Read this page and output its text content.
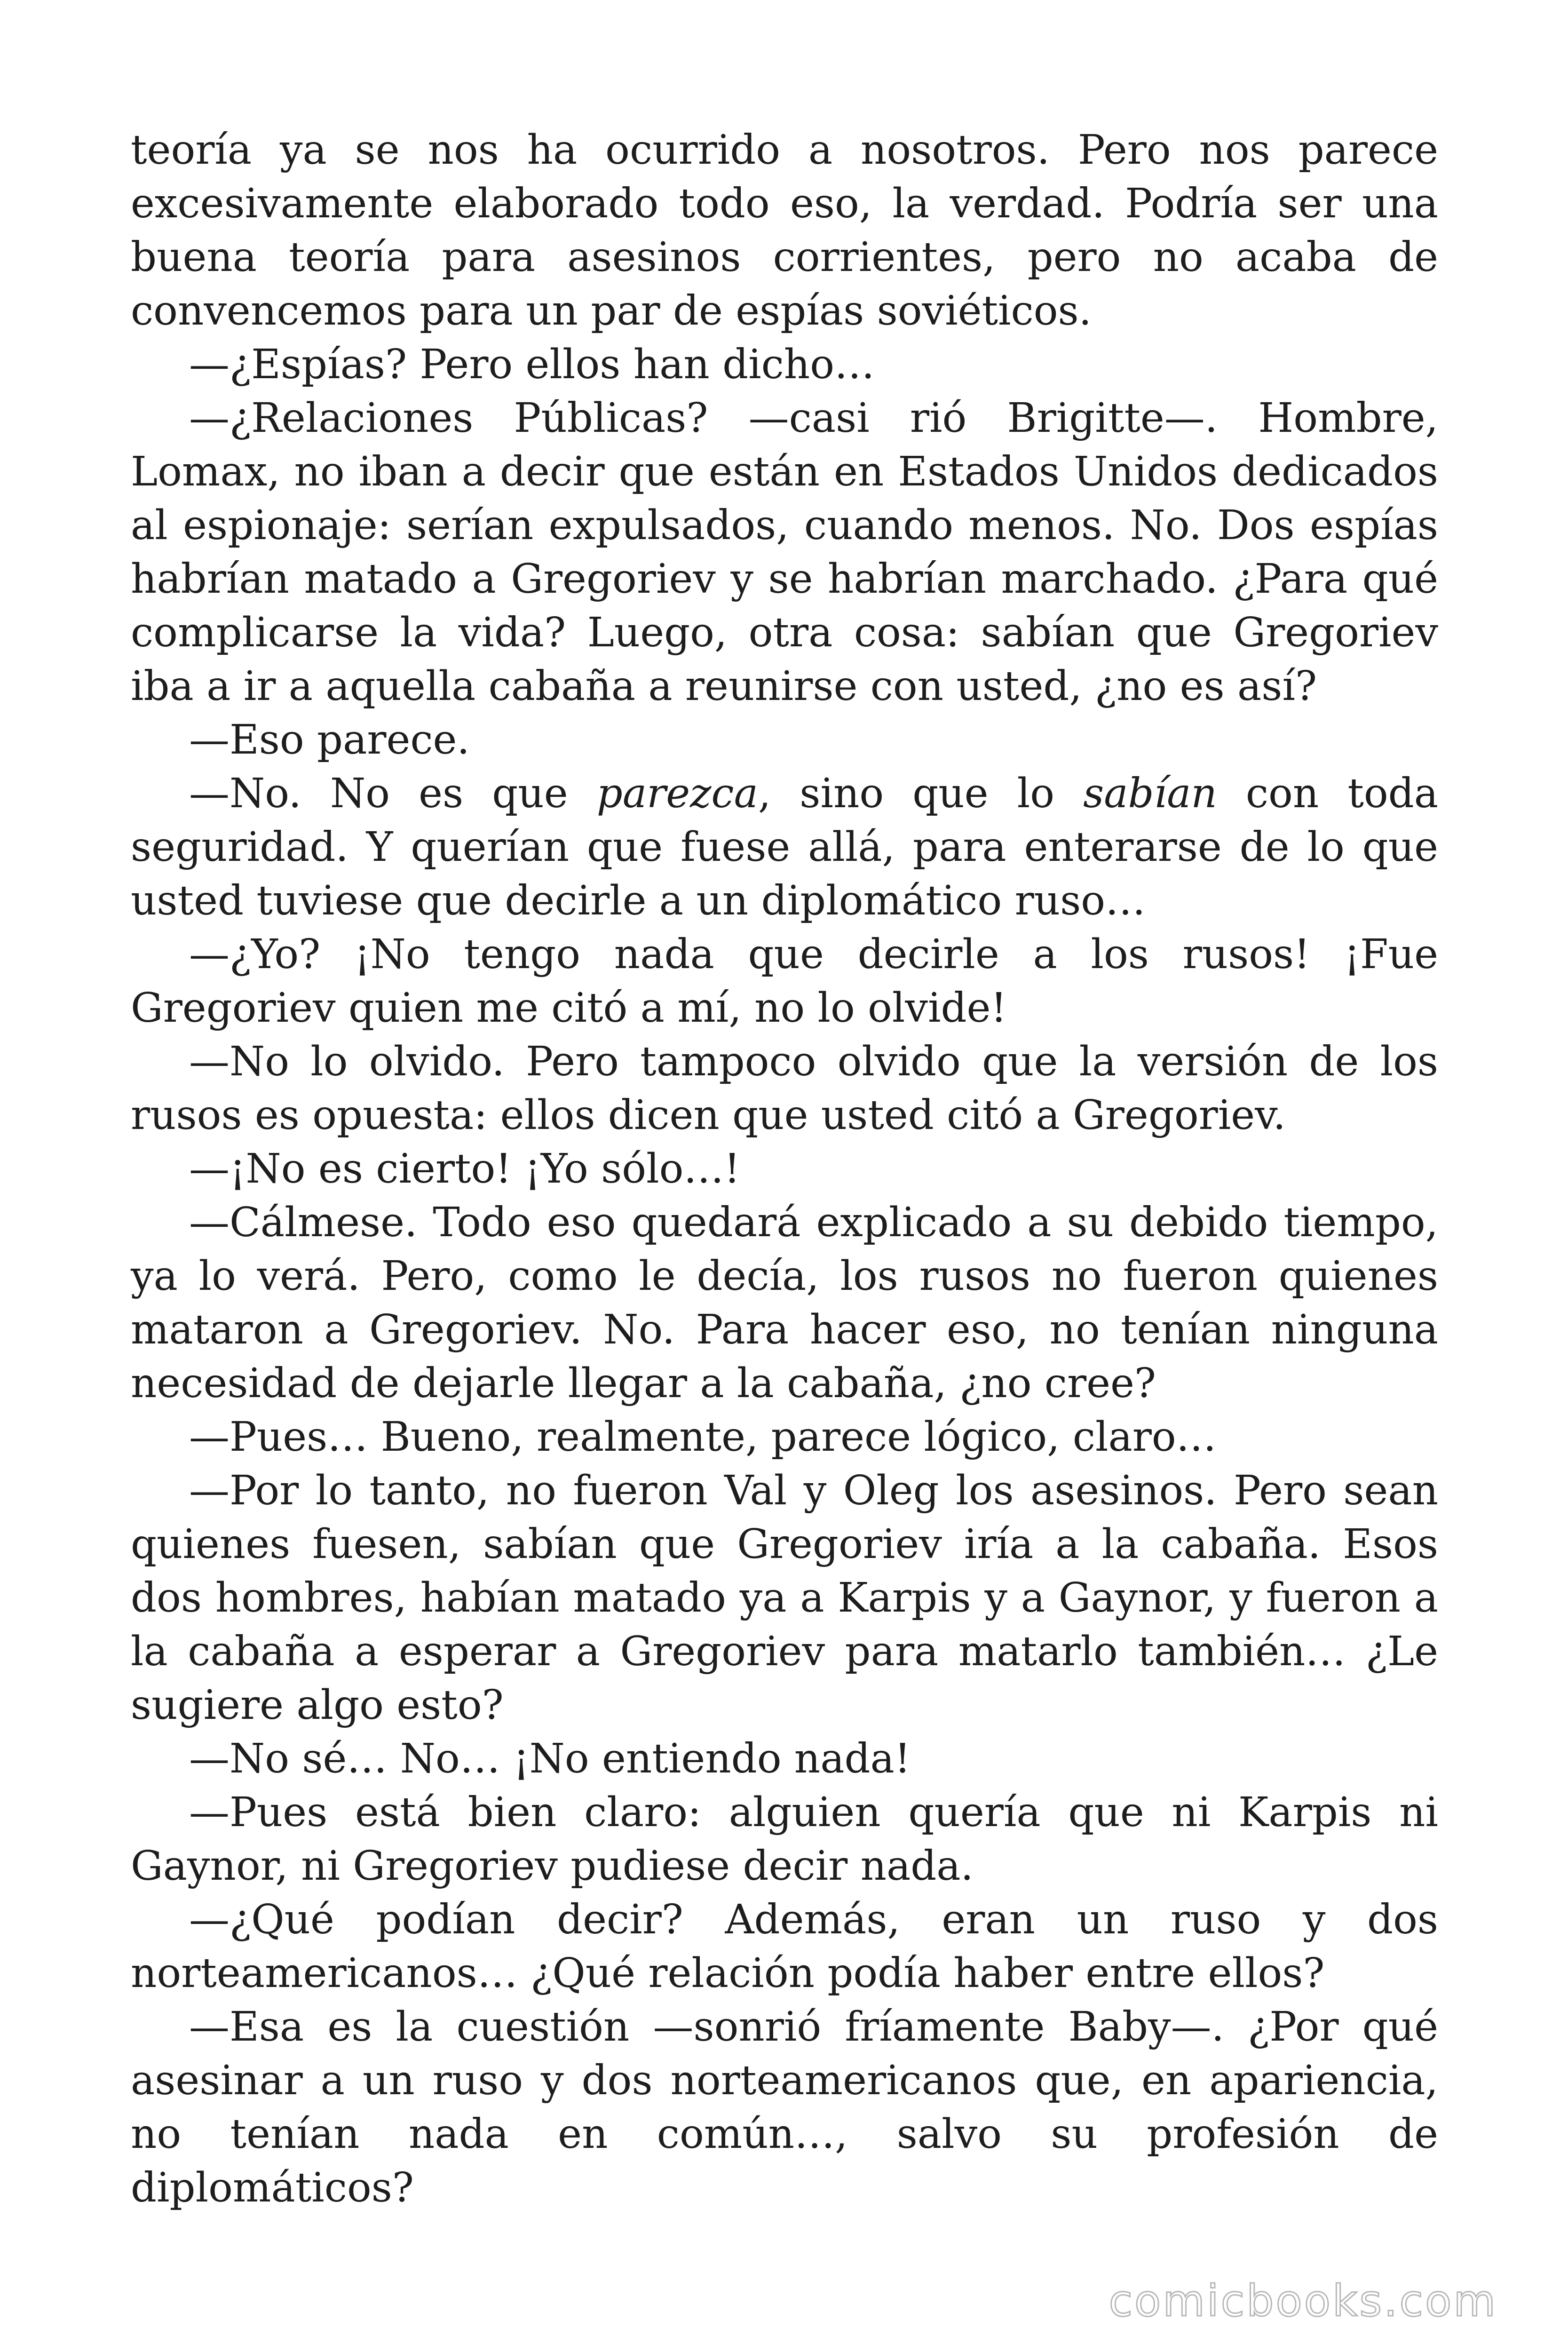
teoría ya se nos ha ocurrido a nosotros. Pero nos parece excesivamente elaborado todo eso, la verdad. Podría ser una buena teoría para asesinos corrientes, pero no acaba de convencemos para un par de espías soviéticos.

—¿Espías? Pero ellos han dicho…

—¿Relaciones Públicas? —casi rió Brigitte—. Hombre, Lomax, no iban a decir que están en Estados Unidos dedicados al espionaje: serían expulsados, cuando menos. No. Dos espías habrían matado a Gregoriev y se habrían marchado. ¿Para qué complicarse la vida? Luego, otra cosa: sabían que Gregoriev iba a ir a aquella cabaña a reunirse con usted, ¿no es así?

—Eso parece.

—No. No es que parezca, sino que lo sabían con toda seguridad. Y querían que fuese allá, para enterarse de lo que usted tuviese que decirle a un diplomático ruso…

—¿Yo? ¡No tengo nada que decirle a los rusos! ¡Fue Gregoriev quien me citó a mí, no lo olvide!

—No lo olvido. Pero tampoco olvido que la versión de los rusos es opuesta: ellos dicen que usted citó a Gregoriev.

—¡No es cierto! ¡Yo sólo…!

—Cálmese. Todo eso quedará explicado a su debido tiempo, ya lo verá. Pero, como le decía, los rusos no fueron quienes mataron a Gregoriev. No. Para hacer eso, no tenían ninguna necesidad de dejarle llegar a la cabaña, ¿no cree?

—Pues… Bueno, realmente, parece lógico, claro…

—Por lo tanto, no fueron Val y Oleg los asesinos. Pero sean quienes fuesen, sabían que Gregoriev iría a la cabaña. Esos dos hombres, habían matado ya a Karpis y a Gaynor, y fueron a la cabaña a esperar a Gregoriev para matarlo también… ¿Le sugiere algo esto?

—No sé… No… ¡No entiendo nada!

—Pues está bien claro: alguien quería que ni Karpis ni Gaynor, ni Gregoriev pudiese decir nada.

—¿Qué podían decir? Además, eran un ruso y dos norteamericanos… ¿Qué relación podía haber entre ellos?

—Esa es la cuestión —sonrió fríamente Baby—. ¿Por qué asesinar a un ruso y dos norteamericanos que, en apariencia, no tenían nada en común…, salvo su profesión de diplomáticos?

comicbooks.com
